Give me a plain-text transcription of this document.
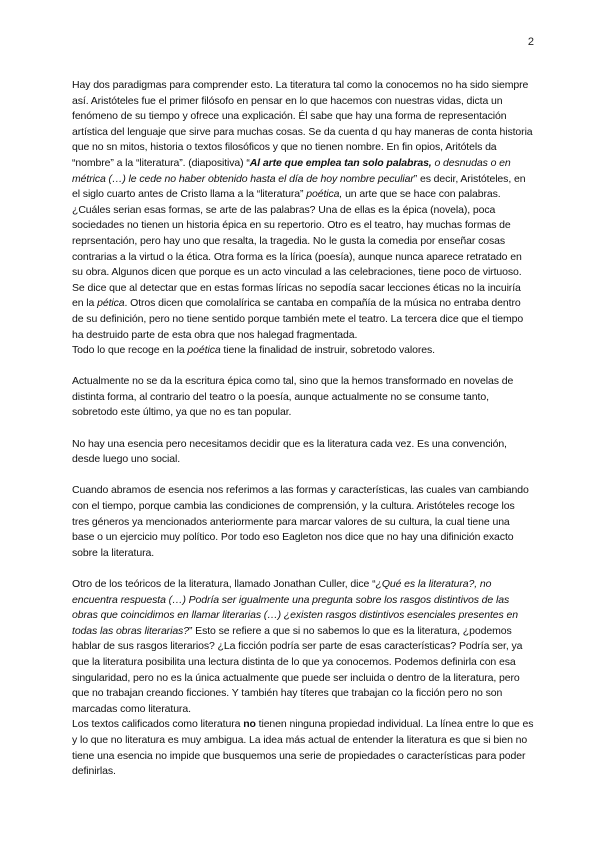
2

Hay dos paradigmas para comprender esto. La titeratura tal como la conocemos no ha sido siempre así. Aristóteles fue el primer filósofo en pensar en lo que hacemos con nuestras vidas, dicta un fenómeno de su tiempo y ofrece una explicación. Él sabe que hay una forma de representación artística del lenguaje que sirve para muchas cosas. Se da cuenta d qu hay maneras de conta historia que no sn mitos, historia o textos filosóficos y que no tienen nombre. En fin opios, Aritótels da “nombre” a la “literatura”. (diapositiva) “Al arte que emplea tan solo palabras, o desnudas o en métrica (…) le cede no haber obtenido hasta el día de hoy nombre peculiar” es decir, Aristóteles, en el siglo cuarto antes de Cristo llama a la “literatura” poética, un arte que se hace con palabras. ¿Cuáles serian esas formas, se arte de las palabras? Una de ellas es la épica (novela), poca sociedades no tienen un historia épica en su repertorio. Otro es el teatro, hay muchas formas de reprsentación, pero hay uno que resalta, la tragedia. No le gusta la comedia por enseñar cosas contrarias a la virtud o la ética. Otra forma es la lírica (poesía), aunque nunca aparece retratado en su obra. Algunos dicen que porque es un acto vinculad a las celebraciones, tiene poco de virtuoso. Se dice que al detectar que en estas formas líricas no sepodía sacar lecciones éticas no la incuiría en la pética. Otros dicen que comolalírica se cantaba en compañía de la música no entraba dentro de su definición, pero no tiene sentido porque también mete el teatro. La tercera dice que el tiempo ha destruido parte de esta obra que nos halegad fragmentada.

Todo lo que recoge en la poética tiene la finalidad de instruir, sobretodo valores.

Actualmente no se da la escritura épica como tal, sino que la hemos transformado en novelas de distinta forma, al contrario del teatro o la poesía, aunque actualmente no se consume tanto, sobretodo este último, ya que no es tan popular.

No hay una esencia pero necesitamos decidir que es la literatura cada vez. Es una convención, desde luego uno social.

Cuando abramos de esencia nos referimos a las formas y características, las cuales van cambiando con el tiempo, porque cambia las condiciones de comprensión, y la cultura. Aristóteles recoge los tres géneros ya mencionados anteriormente para marcar valores de su cultura, la cual tiene una base o un ejercicio muy político. Por todo eso Eagleton nos dice que no hay una difinición exacto sobre la literatura.

Otro de los teóricos de la literatura, llamado Jonathan Culler, dice “¿Qué es la literatura?, no encuentra respuesta (…) Podría ser igualmente una pregunta sobre los rasgos distintivos de las obras que coincidimos en llamar literarias (…) ¿existen rasgos distintivos esenciales presentes en todas las obras literarias?” Esto se refiere a que si no sabemos lo que es la literatura, ¿podemos hablar de sus rasgos literarios? ¿La ficción podría ser parte de esas características? Podría ser, ya que la literatura posibilita una lectura distinta de lo que ya conocemos. Podemos definirla con esa singularidad, pero no es la única actualmente que puede ser incluida o dentro de la literatura, pero que no trabajan creando ficciones. Y también hay títeres que trabajan co la ficción pero no son marcadas como literatura.

Los textos calificados como literatura no tienen ninguna propiedad individual. La línea entre lo que es y lo que no literatura es muy ambigua. La idea más actual de entender la literatura es que si bien no tiene una esencia no impide que busquemos una serie de propiedades o características para poder definirlas.
